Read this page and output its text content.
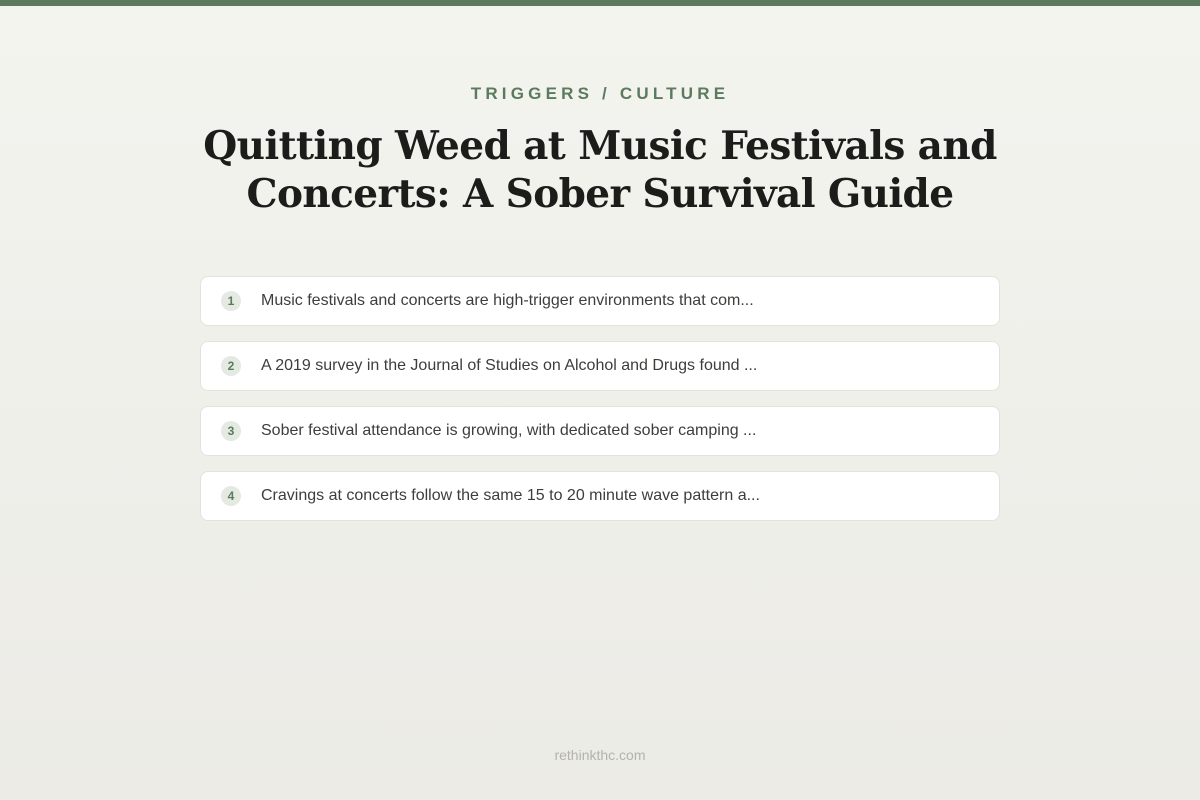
TRIGGERS / CULTURE
Quitting Weed at Music Festivals and Concerts: A Sober Survival Guide
1	Music festivals and concerts are high-trigger environments that com...
2	A 2019 survey in the Journal of Studies on Alcohol and Drugs found ...
3	Sober festival attendance is growing, with dedicated sober camping ...
4	Cravings at concerts follow the same 15 to 20 minute wave pattern a...
rethinkthc.com
